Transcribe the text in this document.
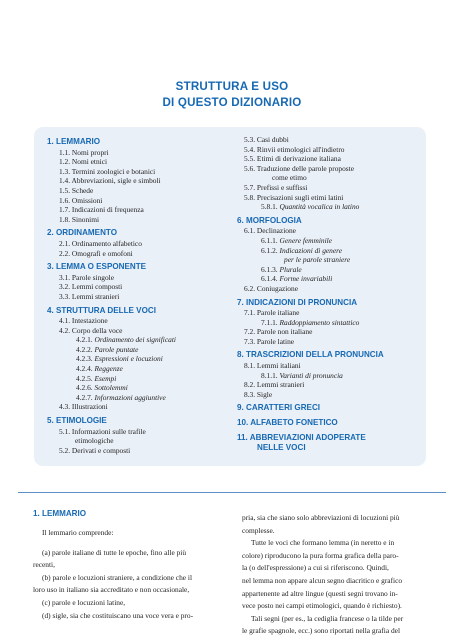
STRUTTURA E USO
DI QUESTO DIZIONARIO
1. LEMMARIO
1.1. Nomi propri
1.2. Nomi etnici
1.3. Termini zoologici e botanici
1.4. Abbreviazioni, sigle e simboli
1.5. Schede
1.6. Omissioni
1.7. Indicazioni di frequenza
1.8. Sinonimi
2. ORDINAMENTO
2.1. Ordinamento alfabetico
2.2. Omografi e omofoni
3. LEMMA O ESPONENTE
3.1. Parole singole
3.2. Lemmi composti
3.3. Lemmi stranieri
4. STRUTTURA DELLE VOCI
4.1. Intestazione
4.2. Corpo della voce
4.2.1. Ordinamento dei significati
4.2.2. Parole puntate
4.2.3. Espressioni e locuzioni
4.2.4. Reggenze
4.2.5. Esempi
4.2.6. Sottolemmi
4.2.7. Informazioni aggiuntive
4.3. Illustrazioni
5. ETIMOLOGIE
5.1. Informazioni sulle trafile
etimologiche
5.2. Derivati e composti
5.3. Casi dubbi
5.4. Rinvii etimologici all'indietro
5.5. Etimi di derivazione italiana
5.6. Traduzione delle parole proposte
come etimo
5.7. Prefissi e suffissi
5.8. Precisazioni sugli etimi latini
5.8.1. Quantità vocalica in latino
6. MORFOLOGIA
6.1. Declinazione
6.1.1. Genere femminile
6.1.2. Indicazioni di genere
per le parole straniere
6.1.3. Plurale
6.1.4. Forme invariabili
6.2. Coniugazione
7. INDICAZIONI DI PRONUNCIA
7.1. Parole italiane
7.1.1. Raddoppiamento sintattico
7.2. Parole non italiane
7.3. Parole latine
8. TRASCRIZIONI DELLA PRONUNCIA
8.1. Lemmi italiani
8.1.1. Varianti di pronuncia
8.2. Lemmi stranieri
8.3. Sigle
9. CARATTERI GRECI
10. ALFABETO FONETICO
11. ABBREVIAZIONI ADOPERATE
NELLE VOCI
1. LEMMARIO
Il lemmario comprende:
(a) parole italiane di tutte le epoche, fino alle più
recenti,
(b) parole e locuzioni straniere, a condizione che il
loro uso in italiano sia accreditato e non occasionale,
(c) parole e locuzioni latine,
(d) sigle, sia che costituiscano una voce vera e pro-
pria, sia che siano solo abbreviazioni di locuzioni più
complesse.
Tutte le voci che formano lemma (in neretto e in
colore) riproducono la pura forma grafica della paro-
la (o dell'espressione) a cui si riferiscono. Quindi,
nel lemma non appare alcun segno diacritico e grafico
appartenente ad altre lingue (questi segni trovano in-
vece posto nei campi etimologici, quando è richiesto).
Tali segni (per es., la cediglia francese o la tilde per
le grafie spagnole, ecc.) sono riportati nella grafia del
